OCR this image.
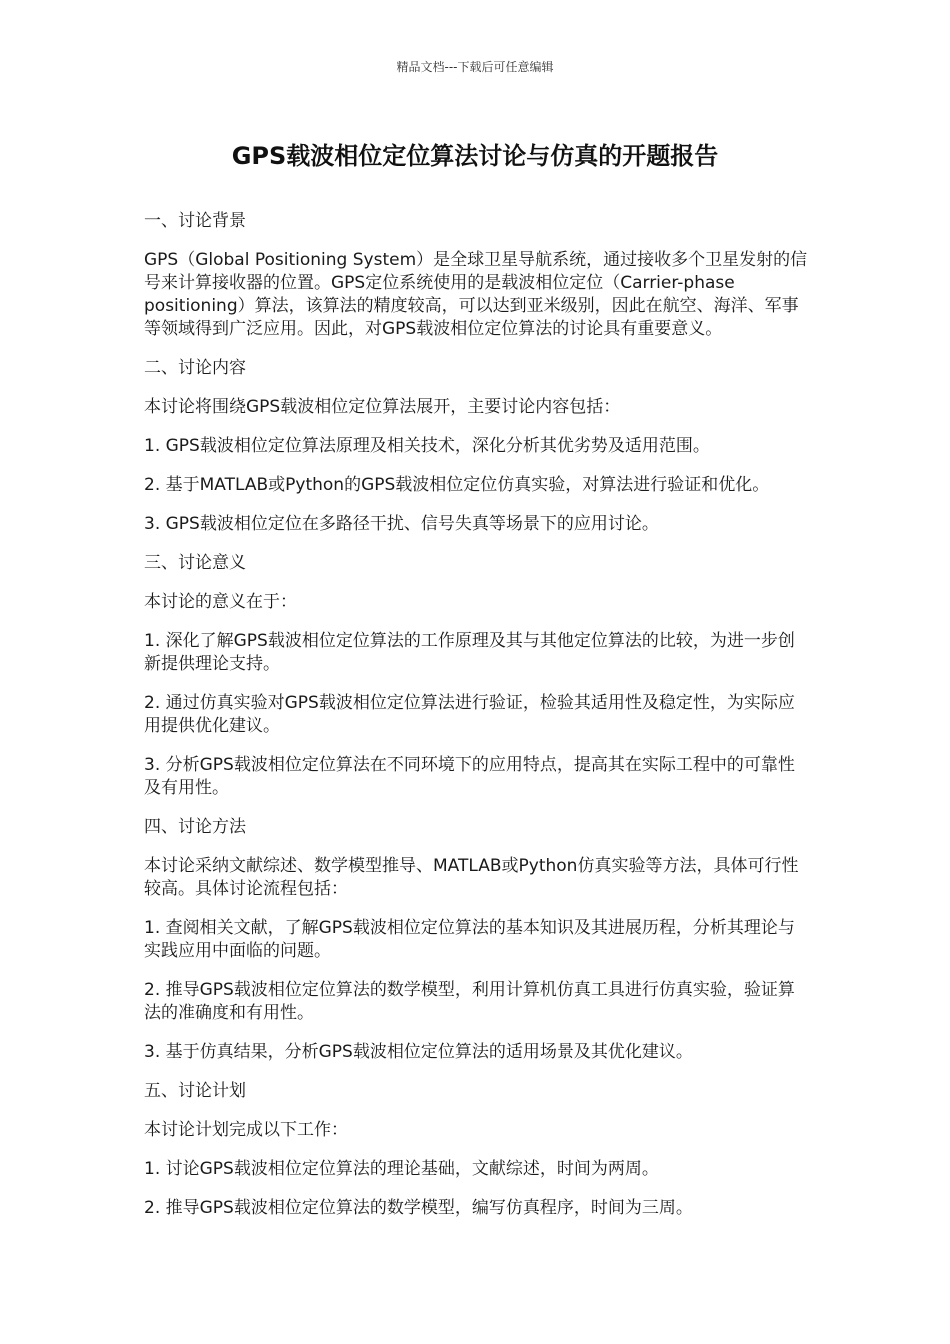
精品文档---下载后可任意编辑
GPS载波相位定位算法讨论与仿真的开题报告

一、讨论背景

GPS（Global Positioning System）是全球卫星导航系统，通过接收多个卫星发射的信号来计算接收器的位置。GPS定位系统使用的是载波相位定位（Carrier-phase positioning）算法，该算法的精度较高，可以达到亚米级别，因此在航空、海洋、军事等领域得到广泛应用。因此，对GPS载波相位定位算法的讨论具有重要意义。

二、讨论内容

本讨论将围绕GPS载波相位定位算法展开，主要讨论内容包括：

1. GPS载波相位定位算法原理及相关技术，深化分析其优劣势及适用范围。

2. 基于MATLAB或Python的GPS载波相位定位仿真实验，对算法进行验证和优化。

3. GPS载波相位定位在多路径干扰、信号失真等场景下的应用讨论。

三、讨论意义

本讨论的意义在于：

1. 深化了解GPS载波相位定位算法的工作原理及其与其他定位算法的比较，为进一步创新提供理论支持。

2. 通过仿真实验对GPS载波相位定位算法进行验证，检验其适用性及稳定性，为实际应用提供优化建议。

3. 分析GPS载波相位定位算法在不同环境下的应用特点，提高其在实际工程中的可靠性及有用性。

四、讨论方法

本讨论采纳文献综述、数学模型推导、MATLAB或Python仿真实验等方法，具体可行性较高。具体讨论流程包括：

1. 查阅相关文献，了解GPS载波相位定位算法的基本知识及其进展历程，分析其理论与实践应用中面临的问题。

2. 推导GPS载波相位定位算法的数学模型，利用计算机仿真工具进行仿真实验，验证算法的准确度和有用性。

3. 基于仿真结果，分析GPS载波相位定位算法的适用场景及其优化建议。

五、讨论计划

本讨论计划完成以下工作：

1. 讨论GPS载波相位定位算法的理论基础，文献综述，时间为两周。

2. 推导GPS载波相位定位算法的数学模型，编写仿真程序，时间为三周。
